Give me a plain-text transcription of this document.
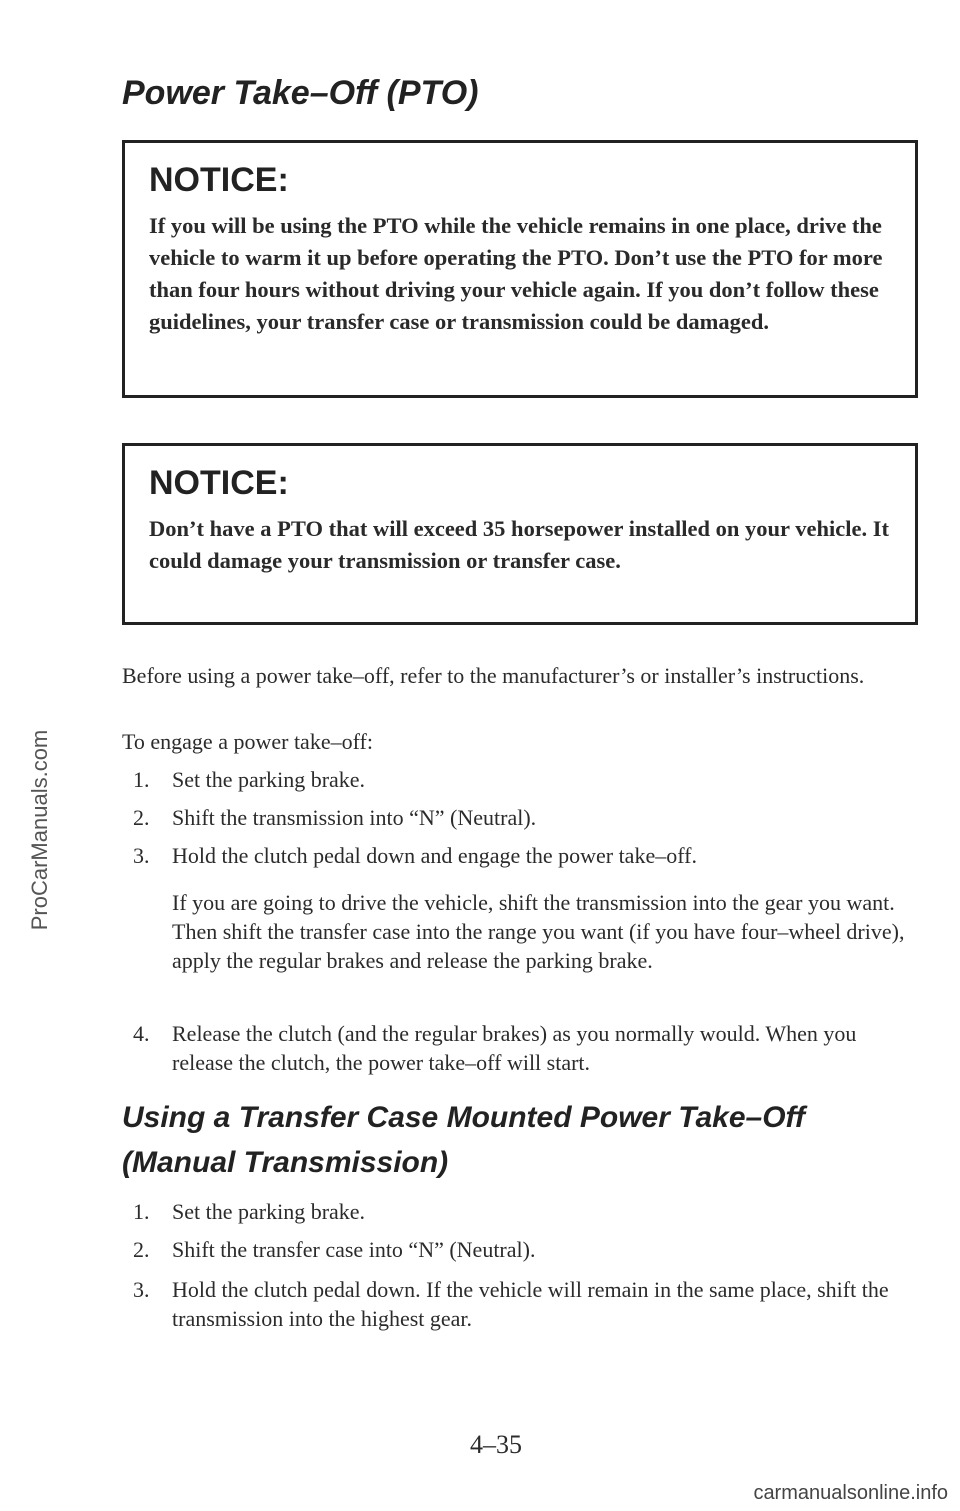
ProCarManuals.com
Power Take–Off (PTO)
NOTICE:

If you will be using the PTO while the vehicle remains in one place, drive the vehicle to warm it up before operating the PTO. Don’t use the PTO for more than four hours without driving your vehicle again. If you don’t follow these guidelines, your transfer case or transmission could be damaged.

NOTICE:

Don’t have a PTO that will exceed 35 horsepower installed on your vehicle. It could damage your transmission or transfer case.

Before using a power take–off, refer to the manufacturer’s or installer’s instructions.

To engage a power take–off:

1.	Set the parking brake.
2.	Shift the transmission into “N” (Neutral).
3.	Hold the clutch pedal down and engage the power take–off.

If you are going to drive the vehicle, shift the transmission into the gear you want. Then shift the transfer case into the range you want (if you have four–wheel drive), apply the regular brakes and release the parking brake.

4.	Release the clutch (and the regular brakes) as you normally would. When you release the clutch, the power take–off will start.
Using a Transfer Case Mounted Power Take–Off (Manual Transmission)
1.	Set the parking brake.
2.	Shift the transfer case into “N” (Neutral).
3.	Hold the clutch pedal down. If the vehicle will remain in the same place, shift the transmission into the highest gear.
4–35
carmanualsonline.info
